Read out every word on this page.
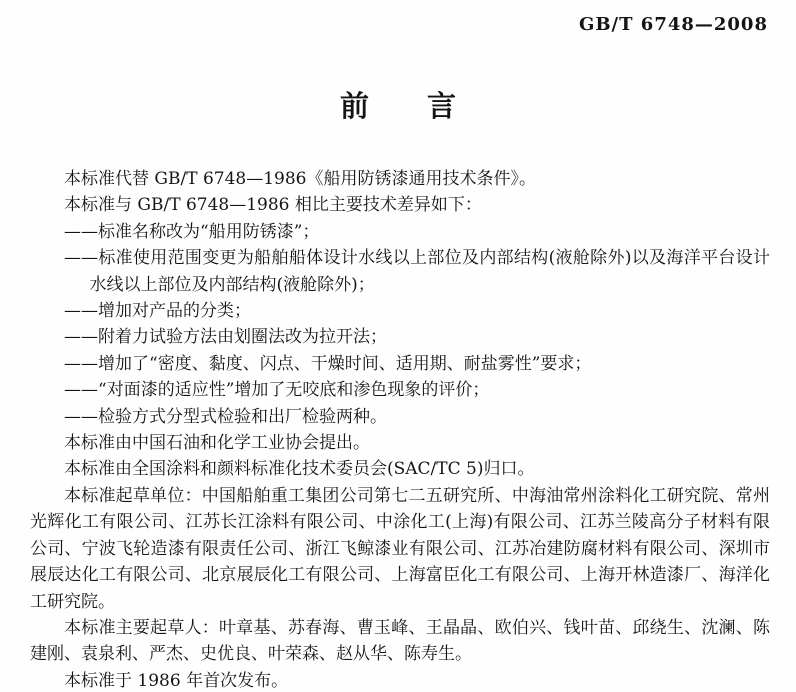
GB/T 6748—2008
前 言

本标准代替 GB/T 6748—1986《船用防锈漆通用技术条件》。

本标准与 GB/T 6748—1986 相比主要技术差异如下：

——标准名称改为“船用防锈漆”；

——标准使用范围变更为船舶船体设计水线以上部位及内部结构(液舱除外)以及海洋平台设计水线以上部位及内部结构(液舱除外)；

——增加对产品的分类；

——附着力试验方法由划圈法改为拉开法；

——增加了“密度、黏度、闪点、干燥时间、适用期、耐盐雾性”要求；

——“对面漆的适应性”增加了无咬底和渗色现象的评价；

——检验方式分型式检验和出厂检验两种。

本标准由中国石油和化学工业协会提出。

本标准由全国涂料和颜料标准化技术委员会(SAC/TC 5)归口。

本标准起草单位：中国船舶重工集团公司第七二五研究所、中海油常州涂料化工研究院、常州光辉化工有限公司、江苏长江涂料有限公司、中涂化工(上海)有限公司、江苏兰陵高分子材料有限公司、宁波飞轮造漆有限责任公司、浙江飞鲸漆业有限公司、江苏冶建防腐材料有限公司、深圳市展辰达化工有限公司、北京展辰化工有限公司、上海富臣化工有限公司、上海开林造漆厂、海洋化工研究院。

本标准主要起草人：叶章基、苏春海、曹玉峰、王晶晶、欧伯兴、钱叶苗、邱绕生、沈澜、陈建刚、袁泉利、严杰、史优良、叶荣森、赵从华、陈寿生。

本标准于 1986 年首次发布。
